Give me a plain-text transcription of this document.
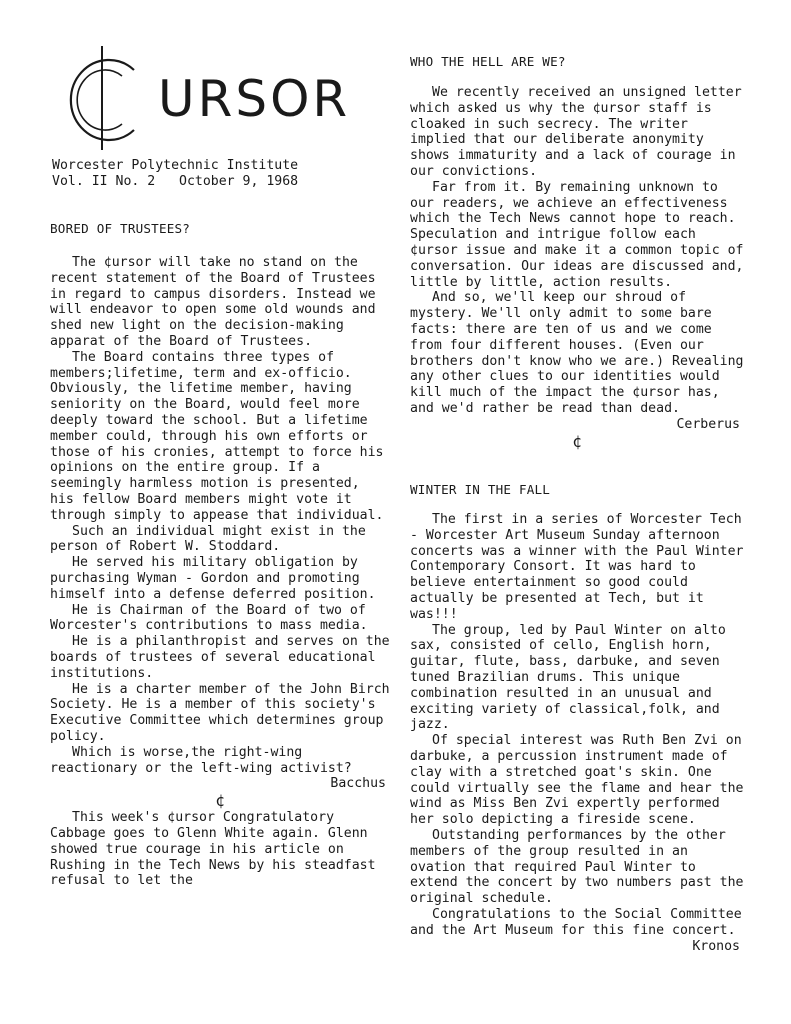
URSOR
Worcester Polytechnic Institute
Vol. II No. 2   October 9, 1968
BORED OF TRUSTEES?

The ¢ursor will take no stand on the recent statement of the Board of Trustees in regard to campus disorders. Instead we will endeavor to open some old wounds and shed new light on the decision-making apparat of the Board of Trustees.

The Board contains three types of members;lifetime, term and ex-officio. Obviously, the lifetime member, having seniority on the Board, would feel more deeply toward the school. But a lifetime member could, through his own efforts or those of his cronies, attempt to force his opinions on the entire group. If a seemingly harmless motion is presented, his fellow Board members might vote it through simply to appease that individual.

Such an individual might exist in the person of Robert W. Stoddard.

He served his military obligation by purchasing Wyman - Gordon and promoting himself into a defense deferred position.

He is Chairman of the Board of two of Worcester's contributions to mass media.

He is a philanthropist and serves on the boards of trustees of several educational institutions.

He is a charter member of the John Birch Society. He is a member of this society's Executive Committee which determines group policy.

Which is worse,the right-wing reactionary or the left-wing activist?

Bacchus

¢

This week's ¢ursor Congratulatory Cabbage goes to Glenn White again. Glenn showed true courage in his article on Rushing in the Tech News by his steadfast refusal to let the

WHO THE HELL ARE WE?

We recently received an unsigned letter which asked us why the ¢ursor staff is cloaked in such secrecy. The writer implied that our deliberate anonymity shows immaturity and a lack of courage in our convictions.

Far from it. By remaining unknown to our readers, we achieve an effectiveness which the Tech News cannot hope to reach. Speculation and intrigue follow each ¢ursor issue and make it a common topic of conversation. Our ideas are discussed and, little by little, action results.

And so, we'll keep our shroud of mystery. We'll only admit to some bare facts: there are ten of us and we come from four different houses. (Even our brothers don't know who we are.) Revealing any other clues to our identities would kill much of the impact the ¢ursor has, and we'd rather be read than dead.

Cerberus

¢
WINTER IN THE FALL

The first in a series of Worcester Tech - Worcester Art Museum Sunday afternoon concerts was a winner with the Paul Winter Contemporary Consort. It was hard to believe entertainment so good could actually be presented at Tech, but it was!!!

The group, led by Paul Winter on alto sax, consisted of cello, English horn, guitar, flute, bass, darbuke, and seven tuned Brazilian drums. This unique combination resulted in an unusual and exciting variety of classical,folk, and jazz.

Of special interest was Ruth Ben Zvi on darbuke, a percussion instrument made of clay with a stretched goat's skin. One could virtually see the flame and hear the wind as Miss Ben Zvi expertly performed her solo depicting a fireside scene.

Outstanding performances by the other members of the group resulted in an ovation that required Paul Winter to extend the concert by two numbers past the original schedule.

Congratulations to the Social Committee and the Art Museum for this fine concert.

Kronos
